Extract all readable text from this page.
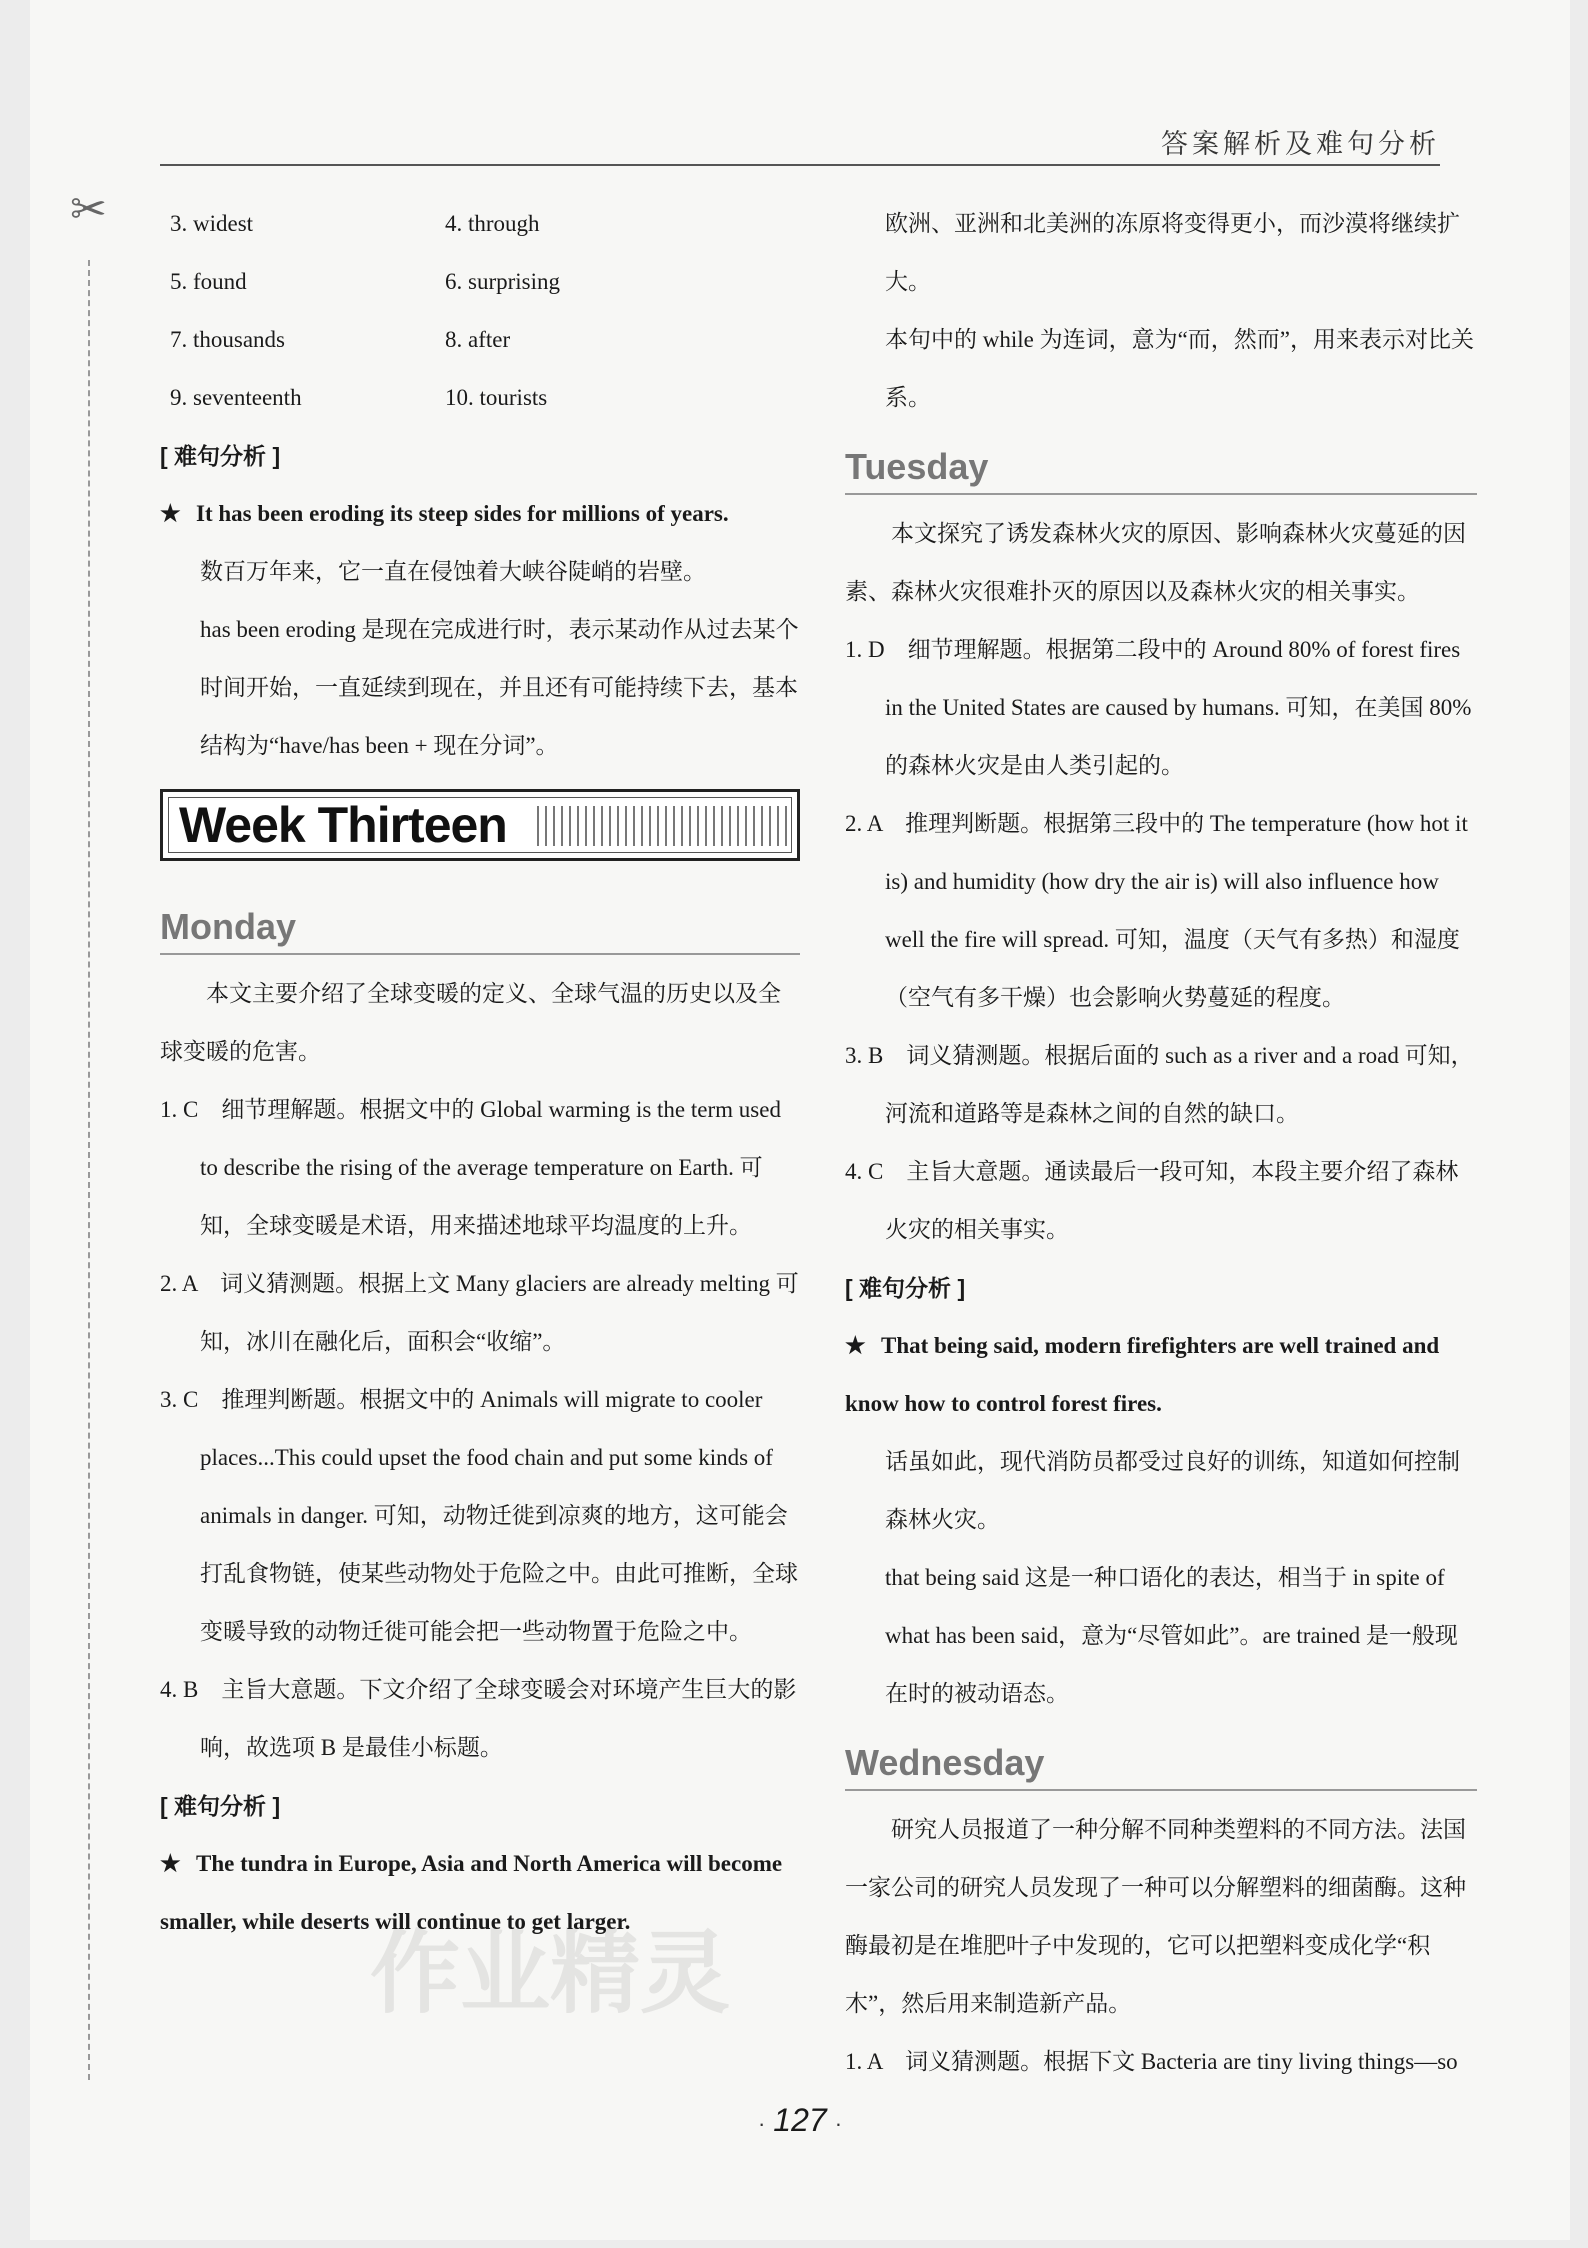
答案解析及难句分析
✂
作业精灵
3. widest	4. through
5. found	6. surprising
7. thousands	8. after
9. seventeenth	10. tourists

[ 难句分析 ]

★ It has been eroding its steep sides for millions of years.

数百万年来，它一直在侵蚀着大峡谷陡峭的岩壁。

has been eroding 是现在完成进行时，表示某动作从过去某个时间开始，一直延续到现在，并且还有可能持续下去，基本结构为“have/has been + 现在分词”。

Week Thirteen
Monday

本文主要介绍了全球变暖的定义、全球气温的历史以及全球变暖的危害。

1. C　细节理解题。根据文中的 Global warming is the term used to describe the rising of the average temperature on Earth. 可知，全球变暖是术语，用来描述地球平均温度的上升。

2. A　词义猜测题。根据上文 Many glaciers are already melting 可知，冰川在融化后，面积会“收缩”。

3. C　推理判断题。根据文中的 Animals will migrate to cooler places...This could upset the food chain and put some kinds of animals in danger. 可知，动物迁徙到凉爽的地方，这可能会打乱食物链，使某些动物处于危险之中。由此可推断，全球变暖导致的动物迁徙可能会把一些动物置于危险之中。

4. B　主旨大意题。下文介绍了全球变暖会对环境产生巨大的影响，故选项 B 是最佳小标题。

[ 难句分析 ]

★ The tundra in Europe, Asia and North America will become smaller, while deserts will continue to get larger.

欧洲、亚洲和北美洲的冻原将变得更小，而沙漠将继续扩大。

本句中的 while 为连词，意为“而，然而”，用来表示对比关系。

Tuesday

本文探究了诱发森林火灾的原因、影响森林火灾蔓延的因素、森林火灾很难扑灭的原因以及森林火灾的相关事实。

1. D　细节理解题。根据第二段中的 Around 80% of forest fires in the United States are caused by humans. 可知，在美国 80% 的森林火灾是由人类引起的。

2. A　推理判断题。根据第三段中的 The temperature (how hot it is) and humidity (how dry the air is) will also influence how well the fire will spread. 可知，温度（天气有多热）和湿度（空气有多干燥）也会影响火势蔓延的程度。

3. B　词义猜测题。根据后面的 such as a river and a road 可知，河流和道路等是森林之间的自然的缺口。

4. C　主旨大意题。通读最后一段可知，本段主要介绍了森林火灾的相关事实。

[ 难句分析 ]

★ That being said, modern firefighters are well trained and know how to control forest fires.

话虽如此，现代消防员都受过良好的训练，知道如何控制森林火灾。

that being said 这是一种口语化的表达，相当于 in spite of what has been said，意为“尽管如此”。are trained 是一般现在时的被动语态。

Wednesday

研究人员报道了一种分解不同种类塑料的不同方法。法国一家公司的研究人员发现了一种可以分解塑料的细菌酶。这种酶最初是在堆肥叶子中发现的，它可以把塑料变成化学“积木”，然后用来制造新产品。

1. A　词义猜测题。根据下文 Bacteria are tiny living things—so

· 127 ·
